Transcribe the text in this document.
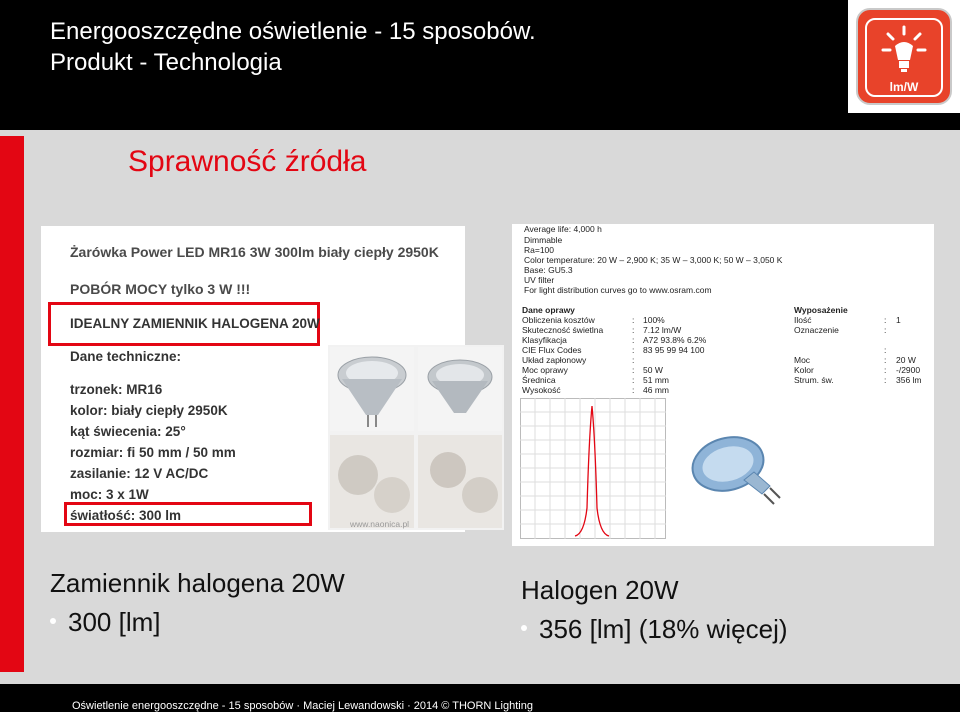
Energooszczędne oświetlenie - 15 sposobów.
Produkt - Technologia
lm/W
Sprawność źródła
Żarówka Power LED MR16 3W 300lm biały ciepły 2950K
POBÓR MOCY tylko 3 W !!!
IDEALNY ZAMIENNIK HALOGENA 20W
Dane techniczne:
trzonek: MR16
kolor: biały ciepły 2950K
kąt świecenia: 25°
rozmiar: fi 50 mm / 50 mm
zasilanie: 12 V AC/DC
moc: 3 x 1W
światłość: 300 lm
www.naonica.pl
Average life: 4,000 h
Dimmable
Ra=100
Color temperature: 20 W – 2,900 K; 35 W – 3,000 K; 50 W – 3,050 K
Base: GU5.3
UV filter
For light distribution curves go to www.osram.com
Dane oprawy	Wyposażenie
Obliczenia kosztów	: 100%
Skuteczność świetlna	: 7.12 lm/W
Klasyfikacja	: A72 93.8% 6.2%
CIE Flux Codes	: 83 95 99 94 100
Układ zapłonowy	:
Moc oprawy	: 50 W
Średnica	: 51 mm
Wysokość	: 46 mm
Ilość	: 1
Oznaczenie	:
:
Moc	: 20 W
Kolor	: -/2900
Strum. św.	: 356 lm
Zamiennik halogena 20W
300 [lm]
Halogen 20W
356 [lm] (18% więcej)
Oświetlenie energooszczędne - 15 sposobów · Maciej Lewandowski · 2014 © THORN Lighting
